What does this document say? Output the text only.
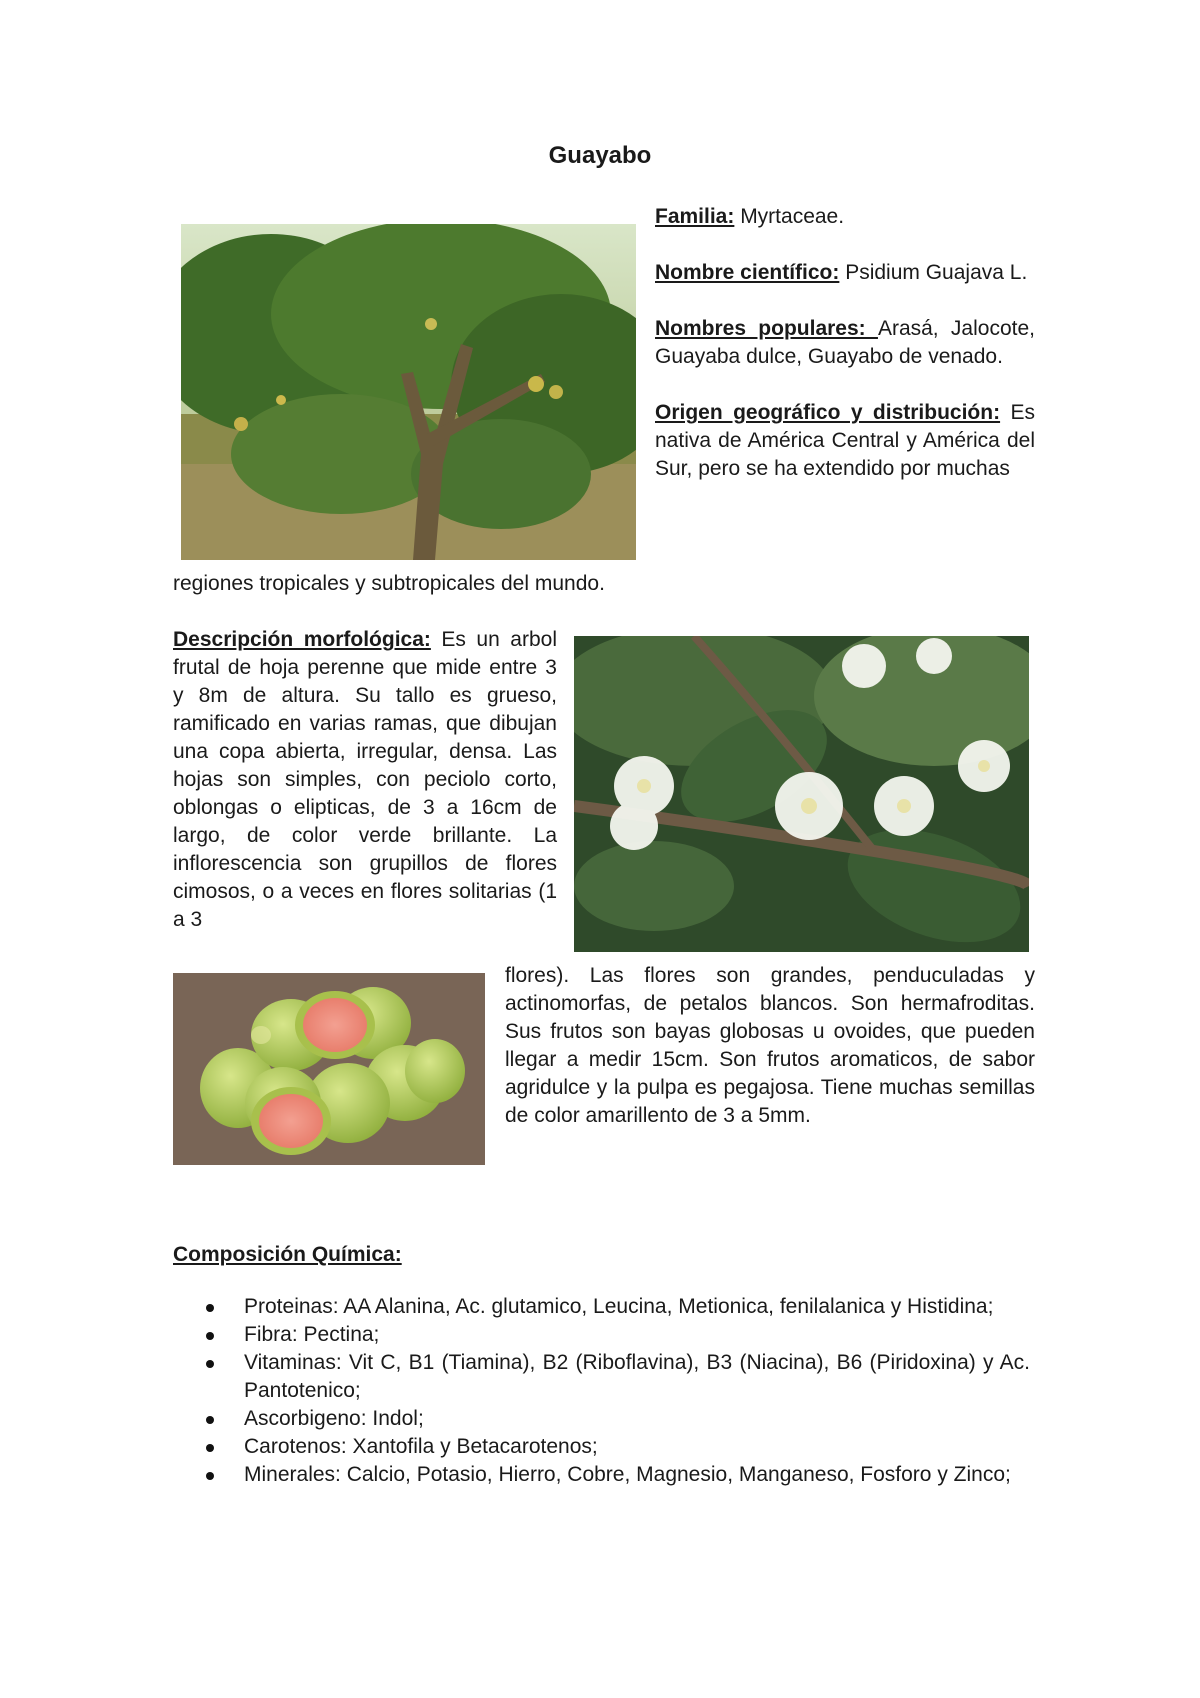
Guayabo

Familia: Myrtaceae.

Nombre científico: Psidium Guajava L.

Nombres populares: Arasá, Jalocote, Guayaba dulce, Guayabo de venado.

Origen geográfico y distribución: Es nativa de América Central y América del Sur, pero se ha extendido por muchas

regiones tropicales y subtropicales del mundo.
Descripción morfológica: Es un arbol frutal de hoja perenne que mide entre 3 y 8m de altura. Su tallo es grueso, ramificado en varias ramas, que dibujan una copa abierta, irregular, densa. Las hojas son simples, con peciolo corto, oblongas o elipticas, de 3 a 16cm de largo, de color verde brillante. La inflorescencia son grupillos de flores cimosos, o a veces en flores solitarias (1 a 3
flores). Las flores son grandes, penduculadas y actinomorfas, de petalos blancos. Son hermafroditas. Sus frutos son bayas globosas u ovoides, que pueden llegar a medir 15cm. Son frutos aromaticos, de sabor agridulce y la pulpa es pegajosa. Tiene muchas semillas de color amarillento de 3 a 5mm.
Composición Química:
Proteinas: AA Alanina, Ac. glutamico, Leucina, Metionica, fenilalanica y Histidina;
Fibra: Pectina;
Vitaminas: Vit C, B1 (Tiamina), B2 (Riboflavina), B3 (Niacina), B6 (Piridoxina) y Ac. Pantotenico;
Ascorbigeno: Indol;
Carotenos: Xantofila y Betacarotenos;
Minerales: Calcio, Potasio, Hierro, Cobre, Magnesio, Manganeso, Fosforo y Zinco;
